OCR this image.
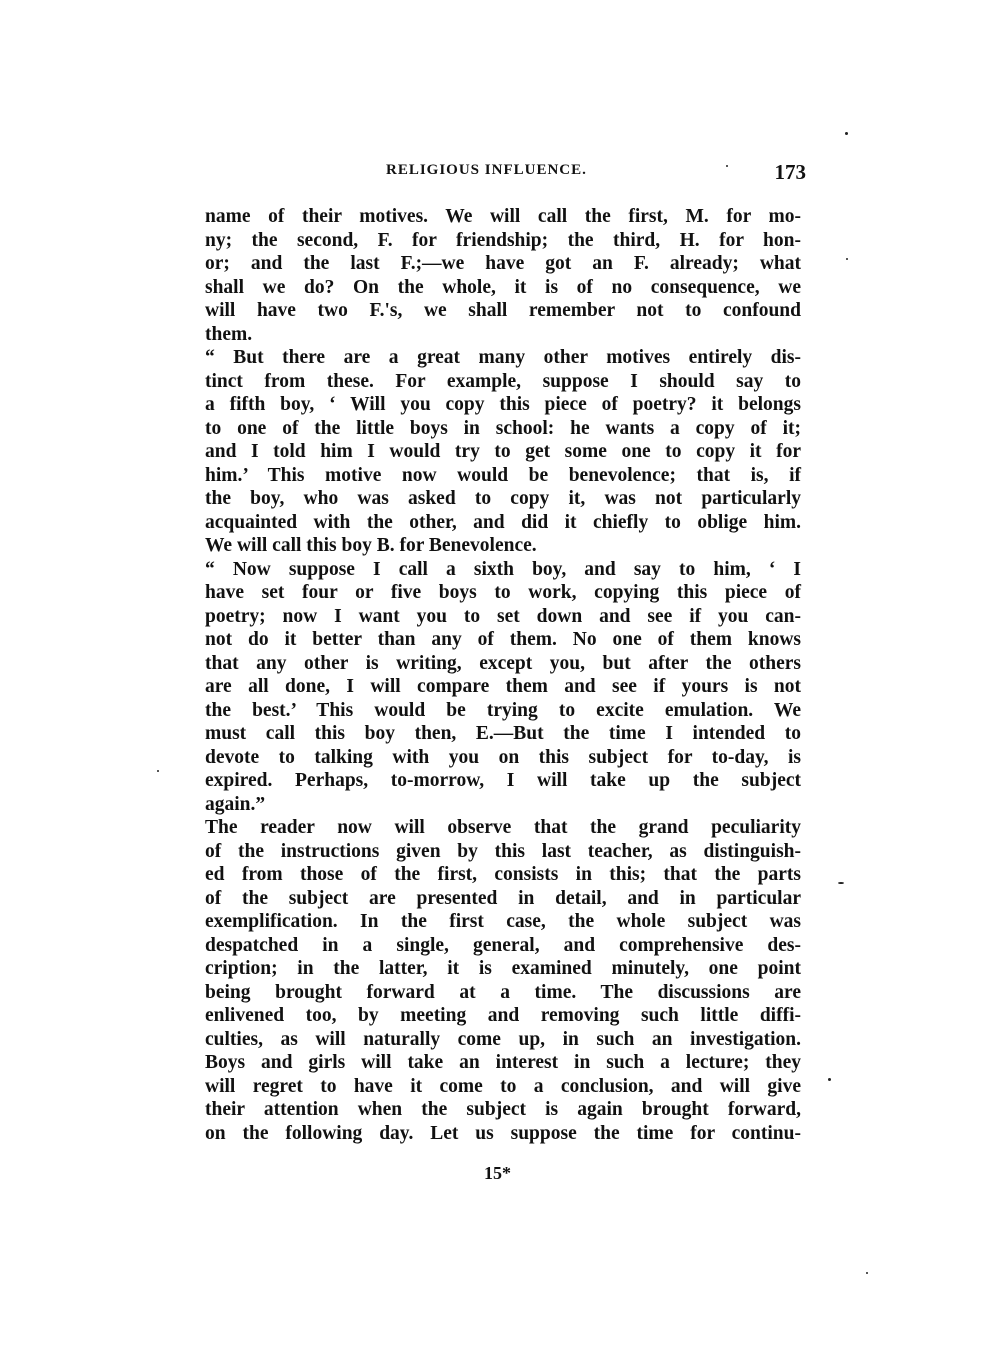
RELIGIOUS INFLUENCE.	173
name of their motives. We will call the first, M. for mo-
ny; the second, F. for friendship; the third, H. for hon-
or; and the last F.;—we have got an F. already; what
shall we do? On the whole, it is of no consequence, we
will have two F.'s, we shall remember not to confound
them.
“ But there are a great many other motives entirely dis-
tinct from these. For example, suppose I should say to
a fifth boy, ‘ Will you copy this piece of poetry? it belongs
to one of the little boys in school: he wants a copy of it;
and I told him I would try to get some one to copy it for
him.’ This motive now would be benevolence; that is, if
the boy, who was asked to copy it, was not particularly
acquainted with the other, and did it chiefly to oblige him.
We will call this boy B. for Benevolence.
“ Now suppose I call a sixth boy, and say to him, ‘ I
have set four or five boys to work, copying this piece of
poetry; now I want you to set down and see if you can-
not do it better than any of them. No one of them knows
that any other is writing, except you, but after the others
are all done, I will compare them and see if yours is not
the best.’ This would be trying to excite emulation. We
must call this boy then, E.—But the time I intended to
devote to talking with you on this subject for to-day, is
expired. Perhaps, to-morrow, I will take up the subject
again.”
The reader now will observe that the grand peculiarity
of the instructions given by this last teacher, as distinguish-
ed from those of the first, consists in this; that the parts
of the subject are presented in detail, and in particular
exemplification. In the first case, the whole subject was
despatched in a single, general, and comprehensive des-
cription; in the latter, it is examined minutely, one point
being brought forward at a time. The discussions are
enlivened too, by meeting and removing such little diffi-
culties, as will naturally come up, in such an investigation.
Boys and girls will take an interest in such a lecture; they
will regret to have it come to a conclusion, and will give
their attention when the subject is again brought forward,
on the following day. Let us suppose the time for continu-
15*
